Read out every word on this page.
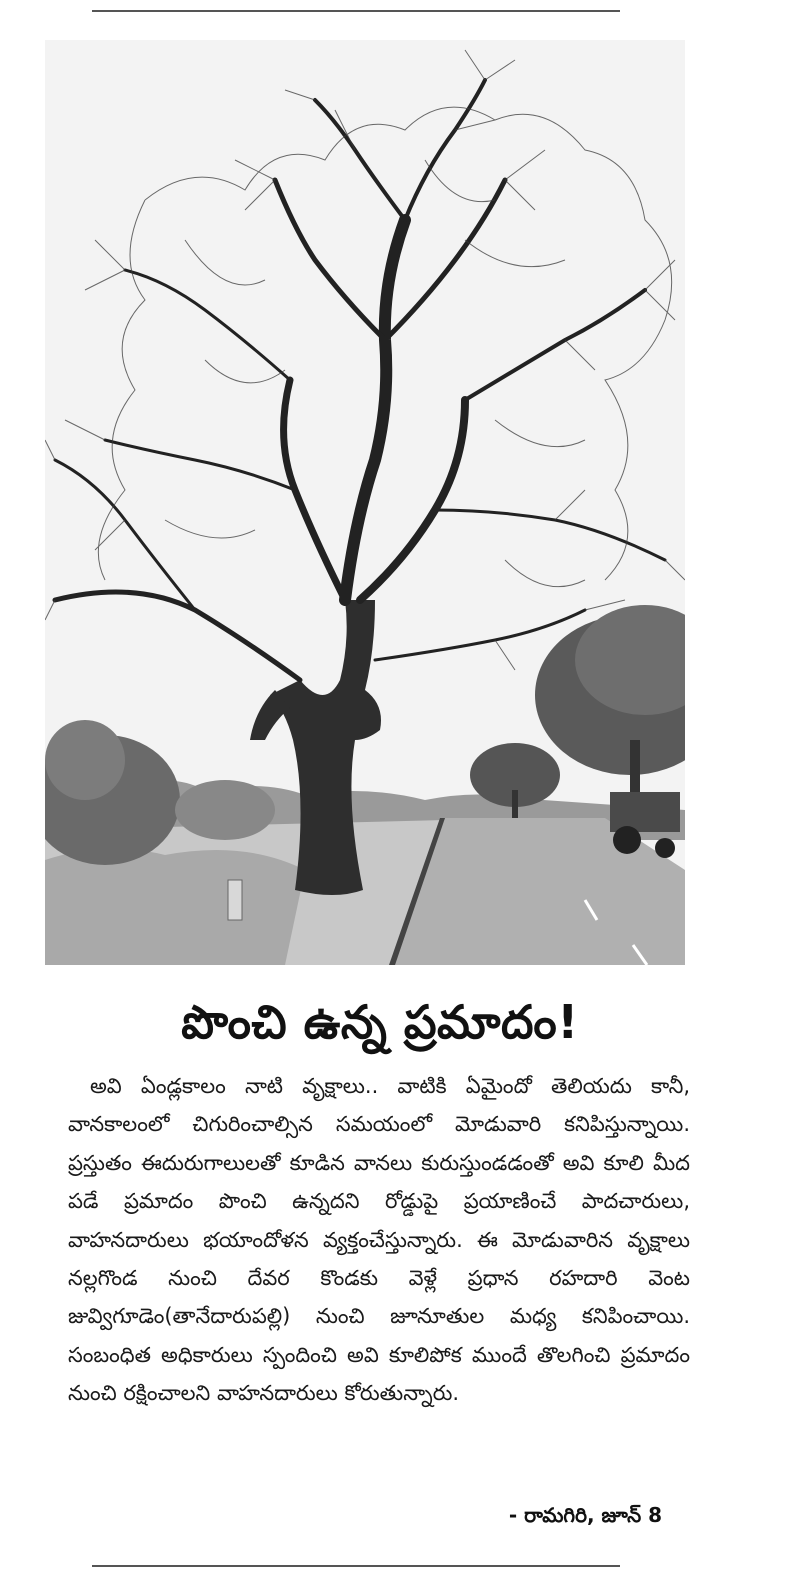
పొంచి ఉన్న ప్రమాదం!

అవి ఏండ్లకాలం నాటి వృక్షాలు.. వాటికి ఏమైందో తెలియదు కానీ, వానకాలంలో చిగురించాల్సిన సమయంలో మోడువారి కనిపిస్తున్నాయి. ప్రస్తుతం ఈదురుగాలులతో కూడిన వానలు కురుస్తుండడంతో అవి కూలి మీద పడే ప్రమాదం పొంచి ఉన్నదని రోడ్డుపై ప్రయాణించే పాదచారులు, వాహనదారులు భయాందోళన వ్యక్తంచేస్తున్నారు. ఈ మోడువారిన వృక్షాలు నల్లగొండ నుంచి దేవర కొండకు వెళ్లే ప్రధాన రహదారి వెంట జువ్విగూడెం(తానేదారుపల్లి) నుంచి జూనూతుల మధ్య కనిపించాయి. సంబంధిత అధికారులు స్పందించి అవి కూలిపోక ముందే తొలగించి ప్రమాదం నుంచి రక్షించాలని వాహనదారులు కోరుతున్నారు.

- రామగిరి, జూన్‌ 8
